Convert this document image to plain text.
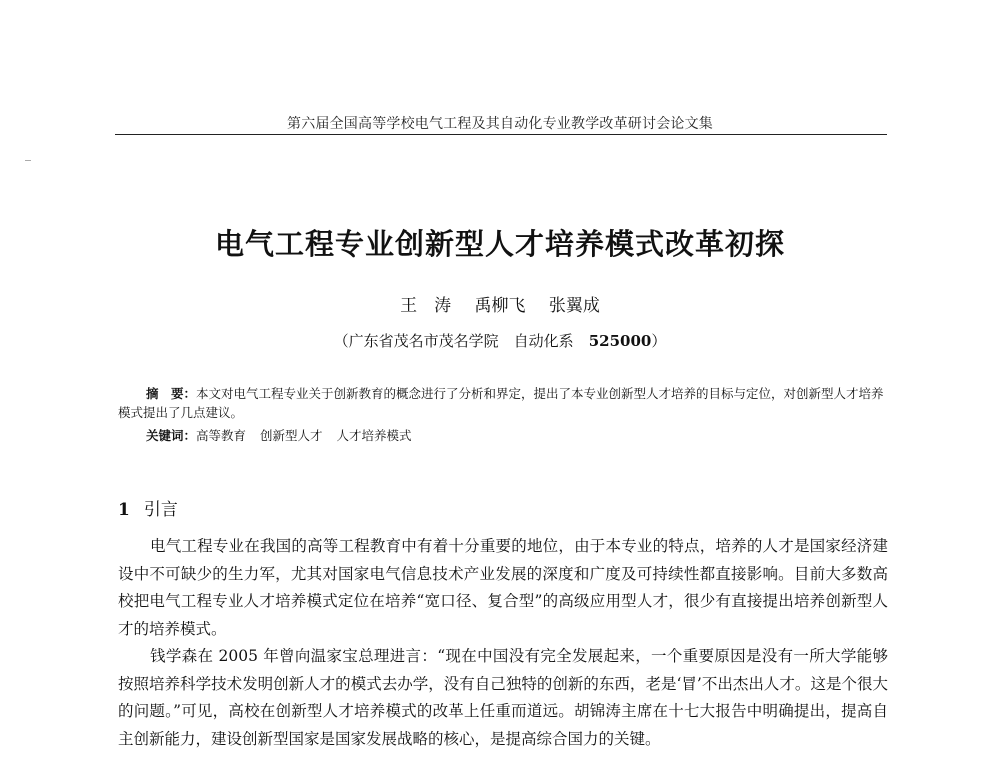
第六届全国高等学校电气工程及其自动化专业教学改革研讨会论文集
电气工程专业创新型人才培养模式改革初探
王　涛 禹柳飞 张翼成
（广东省茂名市茂名学院　自动化系　 525000）
摘　要：本文对电气工程专业关于创新教育的概念进行了分析和界定，提出了本专业创新型人才培养的目标与定位，对创新型人才培养模式提出了几点建议。
关键词：高等教育 创新型人才 人才培养模式
1 引言

电气工程专业在我国的高等工程教育中有着十分重要的地位，由于本专业的特点，培养的人才是国家经济建设中不可缺少的生力军，尤其对国家电气信息技术产业发展的深度和广度及可持续性都直接影响。目前大多数高校把电气工程专业人才培养模式定位在培养“宽口径、复合型”的高级应用型人才，很少有直接提出培养创新型人才的培养模式。

钱学森在 2005 年曾向温家宝总理进言：“现在中国没有完全发展起来，一个重要原因是没有一所大学能够按照培养科学技术发明创新人才的模式去办学，没有自己独特的创新的东西，老是‘冒’不出杰出人才。这是个很大的问题。”可见，高校在创新型人才培养模式的改革上任重而道远。胡锦涛主席在十七大报告中明确提出，提高自主创新能力，建设创新型国家是国家发展战略的核心，是提高综合国力的关键。
